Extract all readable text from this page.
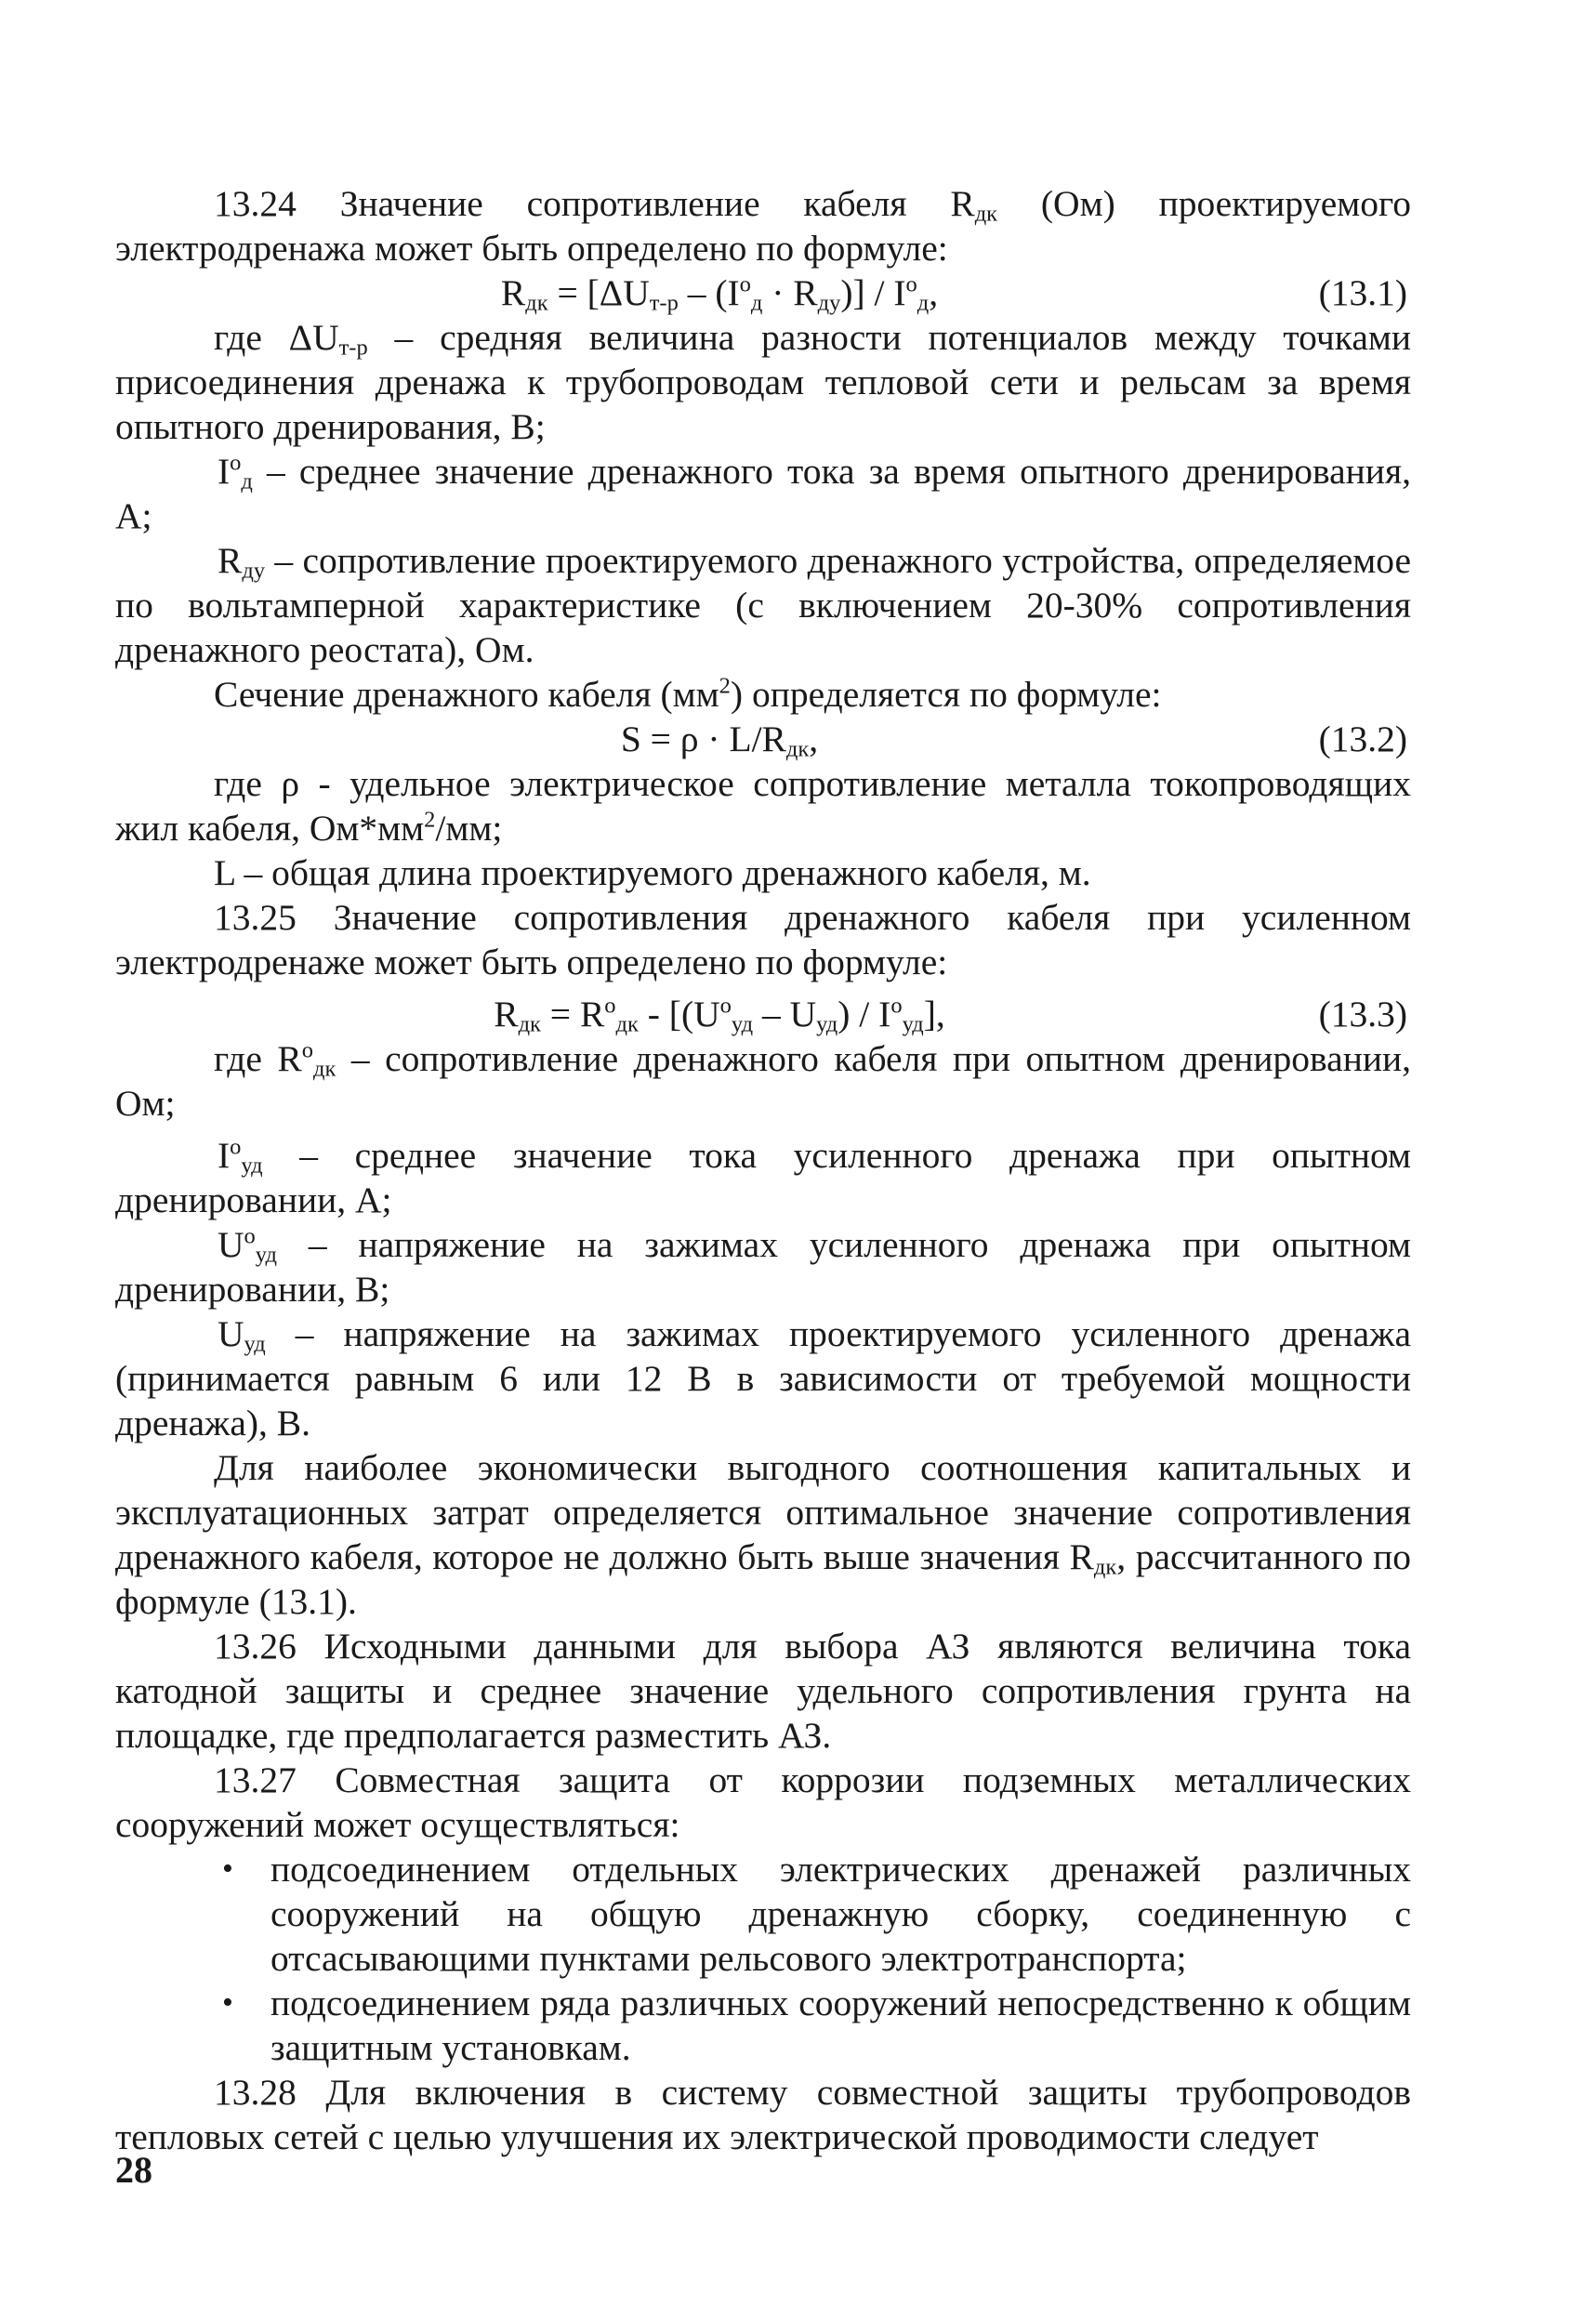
13.24 Значение сопротивление кабеля $R_{дк}$ (Ом) проектируемого электродренажа может быть определено по формуле:

$R_{дк} = [\Delta U_{т-р} - (I^о_д \cdot R_{ду})] / I^о_д$,	(13.1)

где $\Delta U_{т-р}$ – средняя величина разности потенциалов между точками присоединения дренажа к трубопроводам тепловой сети и рельсам за время опытного дренирования, В;

$I^о_д$ – среднее значение дренажного тока за время опытного дренирования, А;

$R_{ду}$ – сопротивление проектируемого дренажного устройства, определяемое по вольтамперной характеристике (с включением 20-30% сопротивления дренажного реостата), Ом.

Сечение дренажного кабеля $(мм^2)$ определяется по формуле:

$S = \rho \cdot L/R_{дк}$,	(13.2)

где ρ - удельное электрическое сопротивление металла токопроводящих жил кабеля, $Ом*мм^2/мм$;

L – общая длина проектируемого дренажного кабеля, м.

13.25 Значение сопротивления дренажного кабеля при усиленном электродренаже может быть определено по формуле:

$R_{дк} = R^о_{дк} - [(U^о_{уд} - U_{уд}) / I^о_{уд}]$,	(13.3)

где $R^о_{дк}$ – сопротивление дренажного кабеля при опытном дренировании, Ом;

$I^о_{уд}$ – среднее значение тока усиленного дренажа при опытном дренировании, А;

$U^о_{уд}$ – напряжение на зажимах усиленного дренажа при опытном дренировании, В;

$U_{уд}$ – напряжение на зажимах проектируемого усиленного дренажа (принимается равным 6 или 12 В в зависимости от требуемой мощности дренажа), В.

Для наиболее экономически выгодного соотношения капитальных и эксплуатационных затрат определяется оптимальное значение сопротивления дренажного кабеля, которое не должно быть выше значения $R_{дк}$, рассчитанного по формуле (13.1).

13.26 Исходными данными для выбора АЗ являются величина тока катодной защиты и среднее значение удельного сопротивления грунта на площадке, где предполагается разместить АЗ.

13.27 Совместная защита от коррозии подземных металлических сооружений может осуществляться:

• подсоединением отдельных электрических дренажей различных сооружений на общую дренажную сборку, соединенную с отсасывающими пунктами рельсового электротранспорта;
• подсоединением ряда различных сооружений непосредственно к общим защитным установкам.

13.28 Для включения в систему совместной защиты трубопроводов тепловых сетей с целью улучшения их электрической проводимости следует

28
